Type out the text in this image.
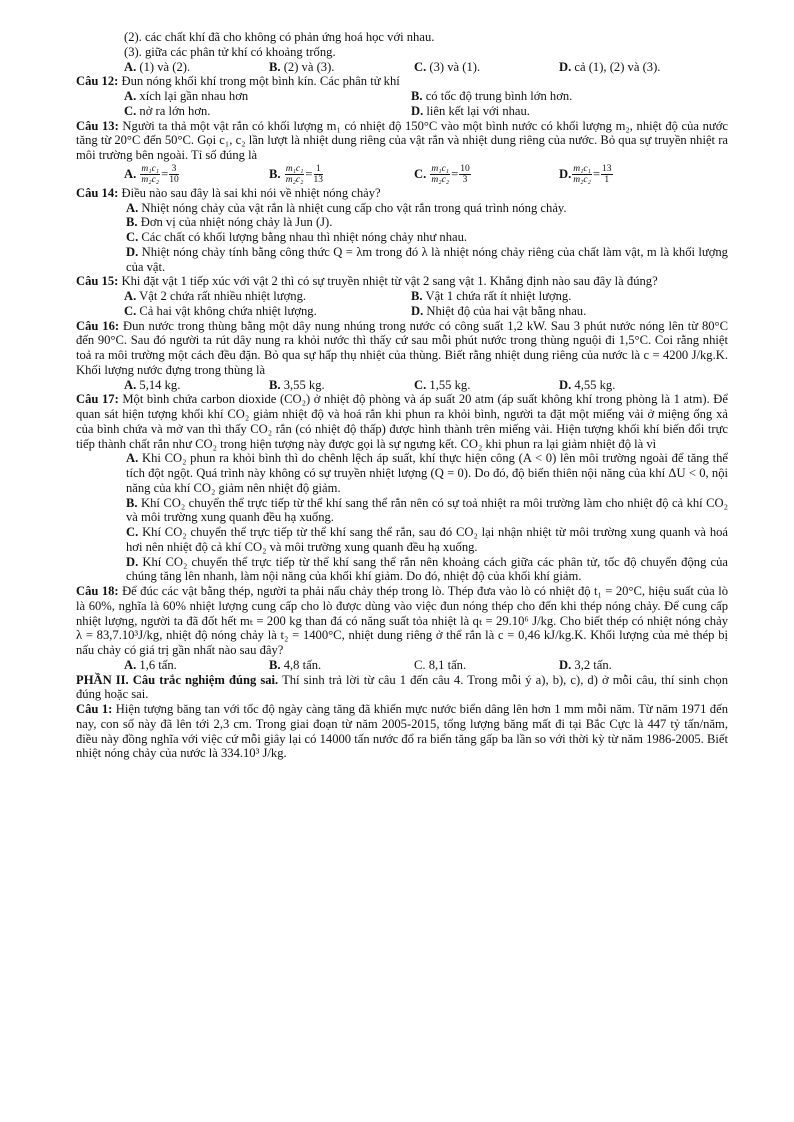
(2). các chất khí đã cho không có phản ứng hoá học với nhau.

(3). giữa các phân tử khí có khoảng trống.

A. (1) và (2).	B. (2) và (3).	C. (3) và (1).	D. cả (1), (2) và (3).

Câu 12: Đun nóng khối khí trong một bình kín. Các phân tử khí

A. xích lại gần nhau hơn	B. có tốc độ trung bình lớn hơn.
C. nở ra lớn hơn.	D. liên kết lại với nhau.

Câu 13: Người ta thả một vật rắn có khối lượng m₁ có nhiệt độ 150°C vào một bình nước có khối lượng m₂, nhiệt độ của nước tăng từ 20°C đến 50°C. Gọi c₁, c₂ lần lượt là nhiệt dung riêng của vật rắn và nhiệt dung riêng của nước. Bỏ qua sự truyền nhiệt ra môi trường bên ngoài. Tỉ số đúng là

A.
$\frac{\text{m₁c₁}}{\text{m₂c₂}} = \frac{3}{10}$	B.
$\frac{\text{m₁c₁}}{\text{m₂c₂}} = \frac{1}{13}$	C.
$\frac{\text{m₁c₁}}{\text{m₂c₂}} = \frac{10}{3}$	D. $\frac{\text{m₁c₁}}{\text{m₂c₂}} = \frac{13}{1}$

Câu 14: Điều nào sau đây là sai khi nói về nhiệt nóng chảy?

A. Nhiệt nóng chảy của vật rắn là nhiệt cung cấp cho vật rắn trong quá trình nóng chảy.

B. Đơn vị của nhiệt nóng chảy là Jun (J).

C. Các chất có khối lượng bằng nhau thì nhiệt nóng chảy như nhau.

D. Nhiệt nóng chảy tính bằng công thức Q = λm trong đó λ là nhiệt nóng chảy riêng của chất làm vật, m là khối lượng của vật.

Câu 15: Khi đặt vật 1 tiếp xúc với vật 2 thì có sự truyền nhiệt từ vật 2 sang vật 1. Khẳng định nào sau đây là đúng?

A. Vật 2 chứa rất nhiều nhiệt lượng.	B. Vật 1 chứa rất ít nhiệt lượng.
C. Cả hai vật không chứa nhiệt lượng.	D. Nhiệt độ của hai vật bằng nhau.

Câu 16: Đun nước trong thùng bằng một dây nung nhúng trong nước có công suất 1,2 kW. Sau 3 phút nước nóng lên từ 80°C đến 90°C. Sau đó người ta rút dây nung ra khỏi nước thì thấy cứ sau mỗi phút nước trong thùng nguội đi 1,5°C. Coi rằng nhiệt toả ra môi trường một cách đều đặn. Bỏ qua sự hấp thụ nhiệt của thùng. Biết rằng nhiệt dung riêng của nước là c = 4200 J/kg.K. Khối lượng nước đựng trong thùng là

A. 5,14 kg.	B. 3,55 kg.	C. 1,55 kg.	D. 4,55 kg.

Câu 17: Một bình chứa carbon dioxide (CO₂) ở nhiệt độ phòng và áp suất 20 atm (áp suất không khí trong phòng là 1 atm). Để quan sát hiện tượng khối khí CO₂ giảm nhiệt độ và hoá rắn khi phun ra khỏi bình, người ta đặt một miếng vải ở miệng ống xả của bình chứa và mở van thì thấy CO₂ rắn (có nhiệt độ thấp) được hình thành trên miếng vải. Hiện tượng khối khí biến đổi trực tiếp thành chất rắn như CO₂ trong hiện tượng này được gọi là sự ngưng kết. CO₂ khi phun ra lại giảm nhiệt độ là vì

A. Khi CO₂ phun ra khỏi bình thì do chênh lệch áp suất, khí thực hiện công (A < 0) lên môi trường ngoài để tăng thể tích đột ngột. Quá trình này không có sự truyền nhiệt lượng (Q = 0). Do đó, độ biến thiên nội năng của khí ΔU < 0, nội năng của khí CO₂ giảm nên nhiệt độ giảm.

B. Khí CO₂ chuyển thể trực tiếp từ thể khí sang thể rắn nên có sự toả nhiệt ra môi trường làm cho nhiệt độ cả khí CO₂ và môi trường xung quanh đều hạ xuống.

C. Khí CO₂ chuyển thể trực tiếp từ thể khí sang thể rắn, sau đó CO₂ lại nhận nhiệt từ môi trường xung quanh và hoá hơi nên nhiệt độ cả khí CO₂ và môi trường xung quanh đều hạ xuống.

D. Khí CO₂ chuyển thể trực tiếp từ thể khí sang thể rắn nên khoảng cách giữa các phân tử, tốc độ chuyển động của chúng tăng lên nhanh, làm nội năng của khối khí giảm. Do đó, nhiệt độ của khối khí giảm.

Câu 18: Để đúc các vật bằng thép, người ta phải nấu chảy thép trong lò. Thép đưa vào lò có nhiệt độ t₁ = 20°C, hiệu suất của lò là 60%, nghĩa là 60% nhiệt lượng cung cấp cho lò được dùng vào việc đun nóng thép cho đến khi thép nóng chảy. Để cung cấp nhiệt lượng, người ta đã đốt hết mₜ = 200 kg than đá có năng suất tỏa nhiệt là qₜ = 29.10⁶ J/kg. Cho biết thép có nhiệt nóng chảy λ = 83,7.10³J/kg, nhiệt độ nóng chảy là t₂ = 1400°C, nhiệt dung riêng ở thể rắn là c = 0,46 kJ/kg.K. Khối lượng của mẻ thép bị nấu chảy có giá trị gần nhất nào sau đây?

A. 1,6 tấn.	B. 4,8 tấn.	C. 8,1 tấn.	D. 3,2 tấn.

PHẦN II. Câu trắc nghiệm đúng sai. Thí sinh trả lời từ câu 1 đến câu 4. Trong mỗi ý a), b), c), d) ở mỗi câu, thí sinh chọn đúng hoặc sai.

Câu 1: Hiện tượng băng tan với tốc độ ngày càng tăng đã khiến mực nước biển dâng lên hơn 1 mm mỗi năm. Từ năm 1971 đến nay, con số này đã lên tới 2,3 cm. Trong giai đoạn từ năm 2005-2015, tổng lượng băng mất đi tại Bắc Cực là 447 tỷ tấn/năm, điều này đồng nghĩa với việc cứ mỗi giây lại có 14000 tấn nước đổ ra biển tăng gấp ba lần so với thời kỳ từ năm 1986-2005. Biết nhiệt nóng chảy của nước là 334.10³ J/kg.
